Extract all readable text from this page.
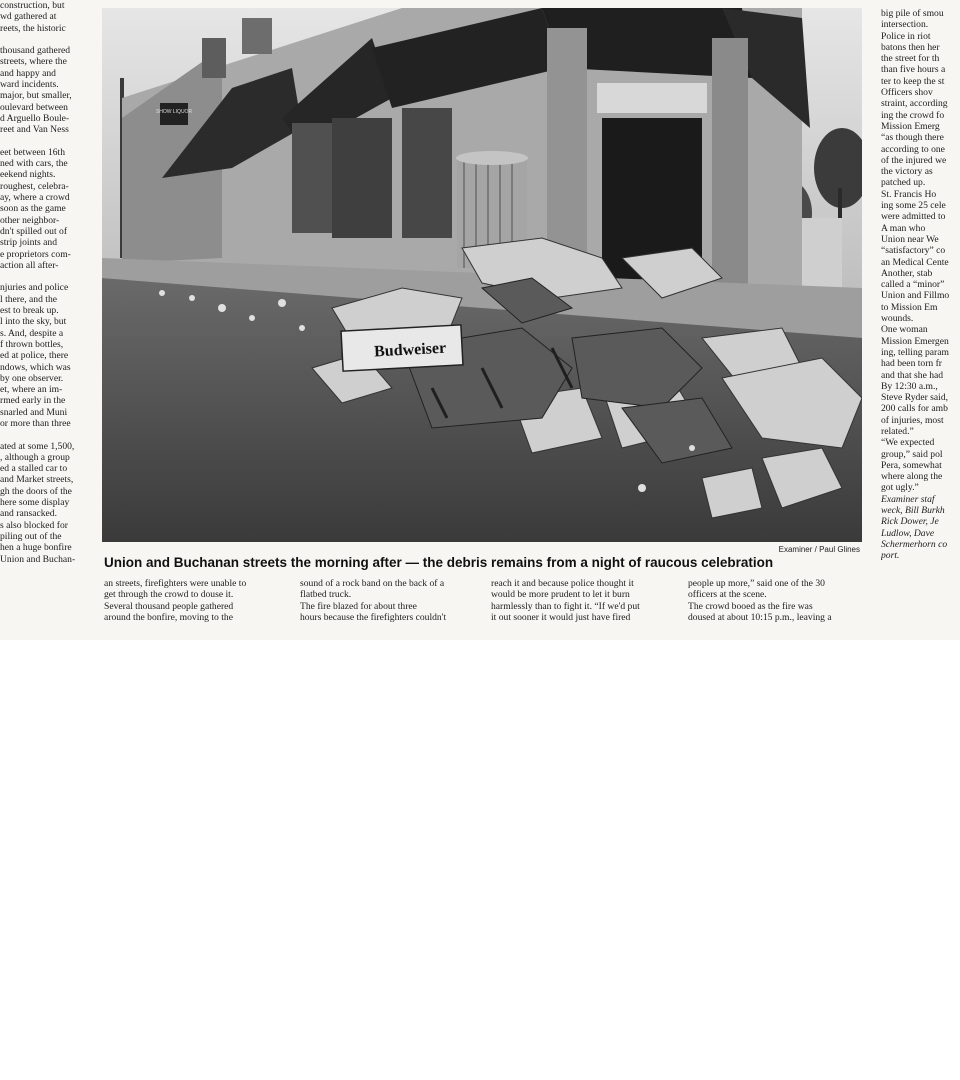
construction, but
wd gathered at
reets, the historic

thousand gathered
streets, where the
and happy and
ward incidents.
major, but smaller,
oulevard between
d Arguello Boule-
reet and Van Ness

eet between 16th
ned with cars, the
eekend nights.
roughest, celebra-
ay, where a crowd
soon as the game
other neighbor-
dn't spilled out of
strip joints and
e proprietors com-
action all after-

njuries and police
l there, and the
est to break up.
l into the sky, but
s. And, despite a
f thrown bottles,
ed at police, there
ndows, which was
by one observer.
et, where an im-
rmed early in the
snarled and Muni
or more than three

ated at some 1,500,
, although a group
ed a stalled car to
and Market streets,
gh the doors of the
here some display
and ransacked.
s also blocked for
piling out of the
hen a huge bonfire
Union and Buchan-
SHOW LIQUOR
Budweiser
Examiner / Paul Glines
Union and Buchanan streets the morning after — the debris remains from a night of raucous celebration
an streets, firefighters were unable to
get through the crowd to douse it.
Several thousand people gathered
around the bonfire, moving to the
sound of a rock band on the back of a
flatbed truck.
The fire blazed for about three
hours because the firefighters couldn't
reach it and because police thought it
would be more prudent to let it burn
harmlessly than to fight it. “If we'd put
it out sooner it would just have fired
people up more,” said one of the 30
officers at the scene.
The crowd booed as the fire was
doused at about 10:15 p.m., leaving a
big pile of smou
intersection.
Police in riot
batons then her
the street for th
than five hours a
ter to keep the st
Officers shov
straint, according
ing the crowd fo
Mission Emerg
“as though there
according to one
of the injured we
the victory as
patched up.
St. Francis Ho
ing some 25 cele
were admitted to
A man who
Union near We
“satisfactory” co
an Medical Cente
Another, stab
called a “minor”
Union and Fillmo
to Mission Em
wounds.
One woman
Mission Emergen
ing, telling param
had been torn fr
and that she had
By 12:30 a.m.,
Steve Ryder said,
200 calls for amb
of injuries, most
related.”
“We expected
group,” said pol
Pera, somewhat
where along the
got ugly.”
Examiner staf
weck, Bill Burkh
Rick Dower, Je
Ludlow, Dave
Schermerhorn co
port.
